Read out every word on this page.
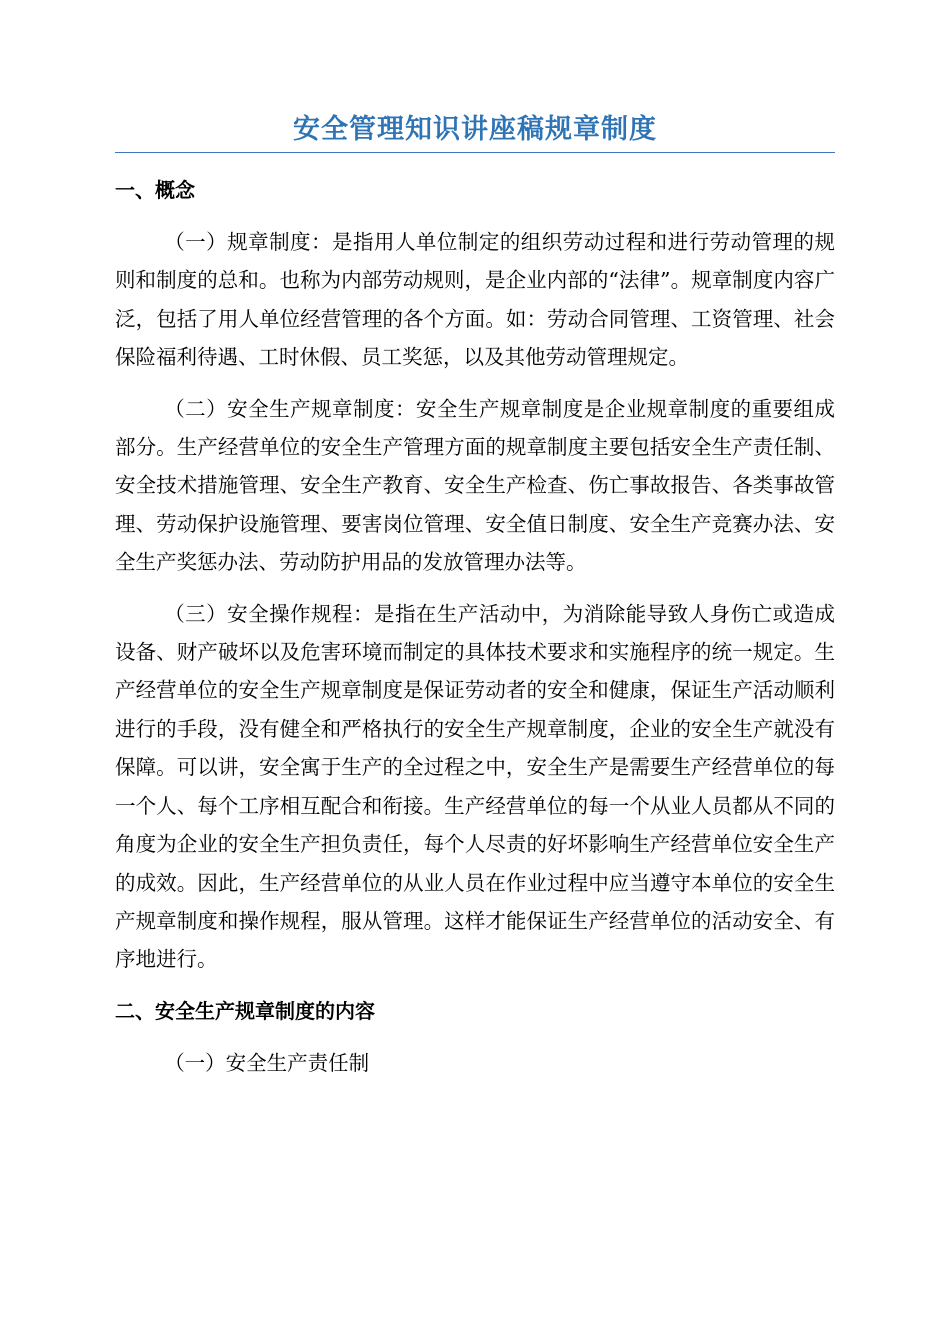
安全管理知识讲座稿规章制度
一、概念

（一）规章制度：是指用人单位制定的组织劳动过程和进行劳动管理的规则和制度的总和。也称为内部劳动规则，是企业内部的“法律”。规章制度内容广泛，包括了用人单位经营管理的各个方面。如：劳动合同管理、工资管理、社会保险福利待遇、工时休假、员工奖惩，以及其他劳动管理规定。

（二）安全生产规章制度：安全生产规章制度是企业规章制度的重要组成部分。生产经营单位的安全生产管理方面的规章制度主要包括安全生产责任制、安全技术措施管理、安全生产教育、安全生产检查、伤亡事故报告、各类事故管理、劳动保护设施管理、要害岗位管理、安全值日制度、安全生产竞赛办法、安全生产奖惩办法、劳动防护用品的发放管理办法等。

（三）安全操作规程：是指在生产活动中，为消除能导致人身伤亡或造成设备、财产破坏以及危害环境而制定的具体技术要求和实施程序的统一规定。生产经营单位的安全生产规章制度是保证劳动者的安全和健康，保证生产活动顺利进行的手段，没有健全和严格执行的安全生产规章制度，企业的安全生产就没有保障。可以讲，安全寓于生产的全过程之中，安全生产是需要生产经营单位的每一个人、每个工序相互配合和衔接。生产经营单位的每一个从业人员都从不同的角度为企业的安全生产担负责任，每个人尽责的好坏影响生产经营单位安全生产的成效。因此，生产经营单位的从业人员在作业过程中应当遵守本单位的安全生产规章制度和操作规程，服从管理。这样才能保证生产经营单位的活动安全、有序地进行。

二、安全生产规章制度的内容

（一）安全生产责任制
